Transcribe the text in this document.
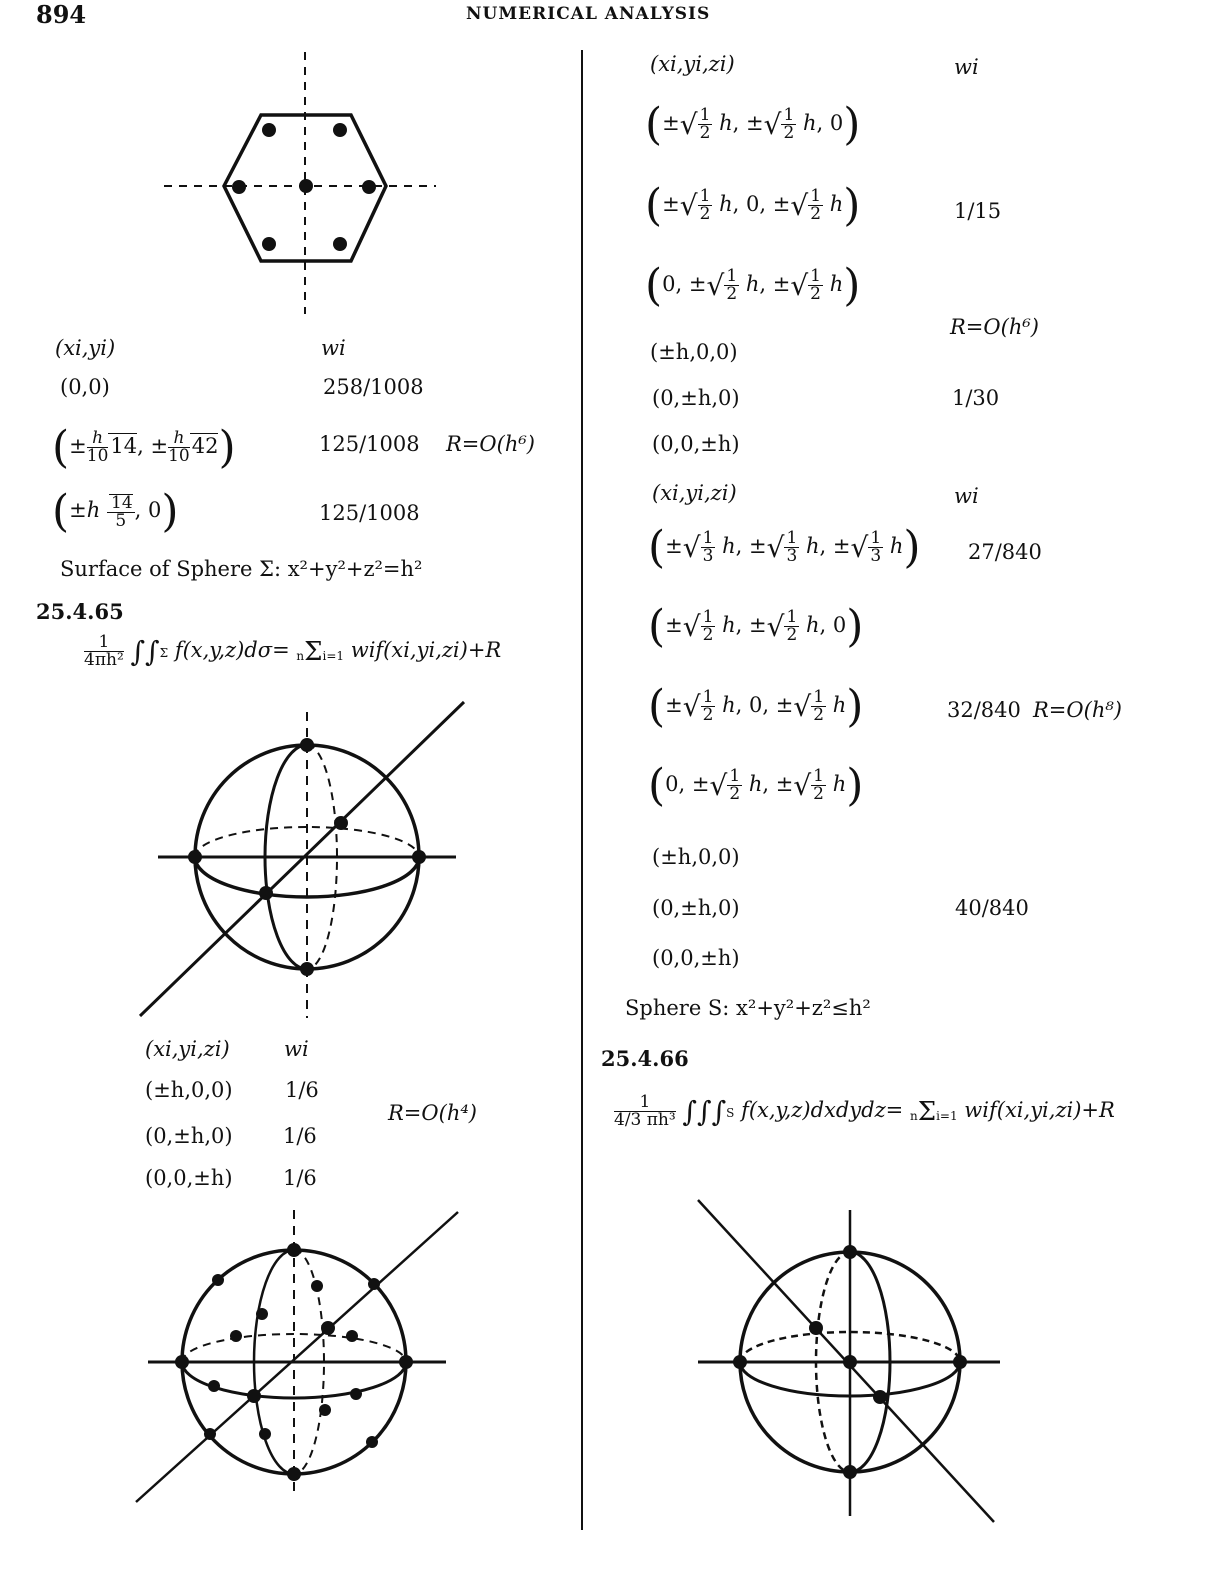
894	NUMERICAL ANALYSIS
(xi,yi)	wi
(0,0)	258/1008
(± $\frac{h}{10} 14$, ± $\frac{h}{10} 42$)	125/1008 R=O(h⁶)
($\pm h \frac{14}{5}$ , 0)	125/1008
Surface of Sphere Σ: x²+y²+z²=h²
25.4.65
$\frac{1}{\text{4πh²}} \int\int\Sigma$ f(x,y,z)dσ= nΣi=1 wif(xi,yi,zi)+R
(xi,yi,zi)	wi
(±h,0,0) 1/6
(0,±h,0) 1/6
(0,0,±h) 1/6
R=O(h⁴)
(xi,yi,zi)	wi
(±√ $\frac{1}{2} h$, ±√ $\frac{1}{2} h$, 0)
(±√ $\frac{1}{2} h$, 0, ±√ $\frac{1}{2} h$)	1/15
(0, ±√ $\frac{1}{2} h$, ±√ $\frac{1}{2} h$)
R=O(h⁶)
(±h,0,0)
(0,±h,0)	1/30
(0,0,±h)
(xi,yi,zi)	wi
(±√ $\frac{1}{3} h$, ±√ $\frac{1}{3} h$, ±√ $\frac{1}{3} h$) 27/840
(±√ $\frac{1}{2} h$, ±√ $\frac{1}{2} h$, 0)
(±√ $\frac{1}{2} h$, 0, ±√ $\frac{1}{2} h$)	32/840 R=O(h⁸)
(0, ±√ $\frac{1}{2} h$, ±√ $\frac{1}{2} h$)
(±h,0,0)
(0,±h,0)	40/840
(0,0,±h)
Sphere S: x²+y²+z²≤h²
25.4.66
$\frac{1}{\text{4/3 πh³}} \int\int\int S$ f(x,y,z)dxdydz= nΣi=1 wif(xi,yi,zi)+R
